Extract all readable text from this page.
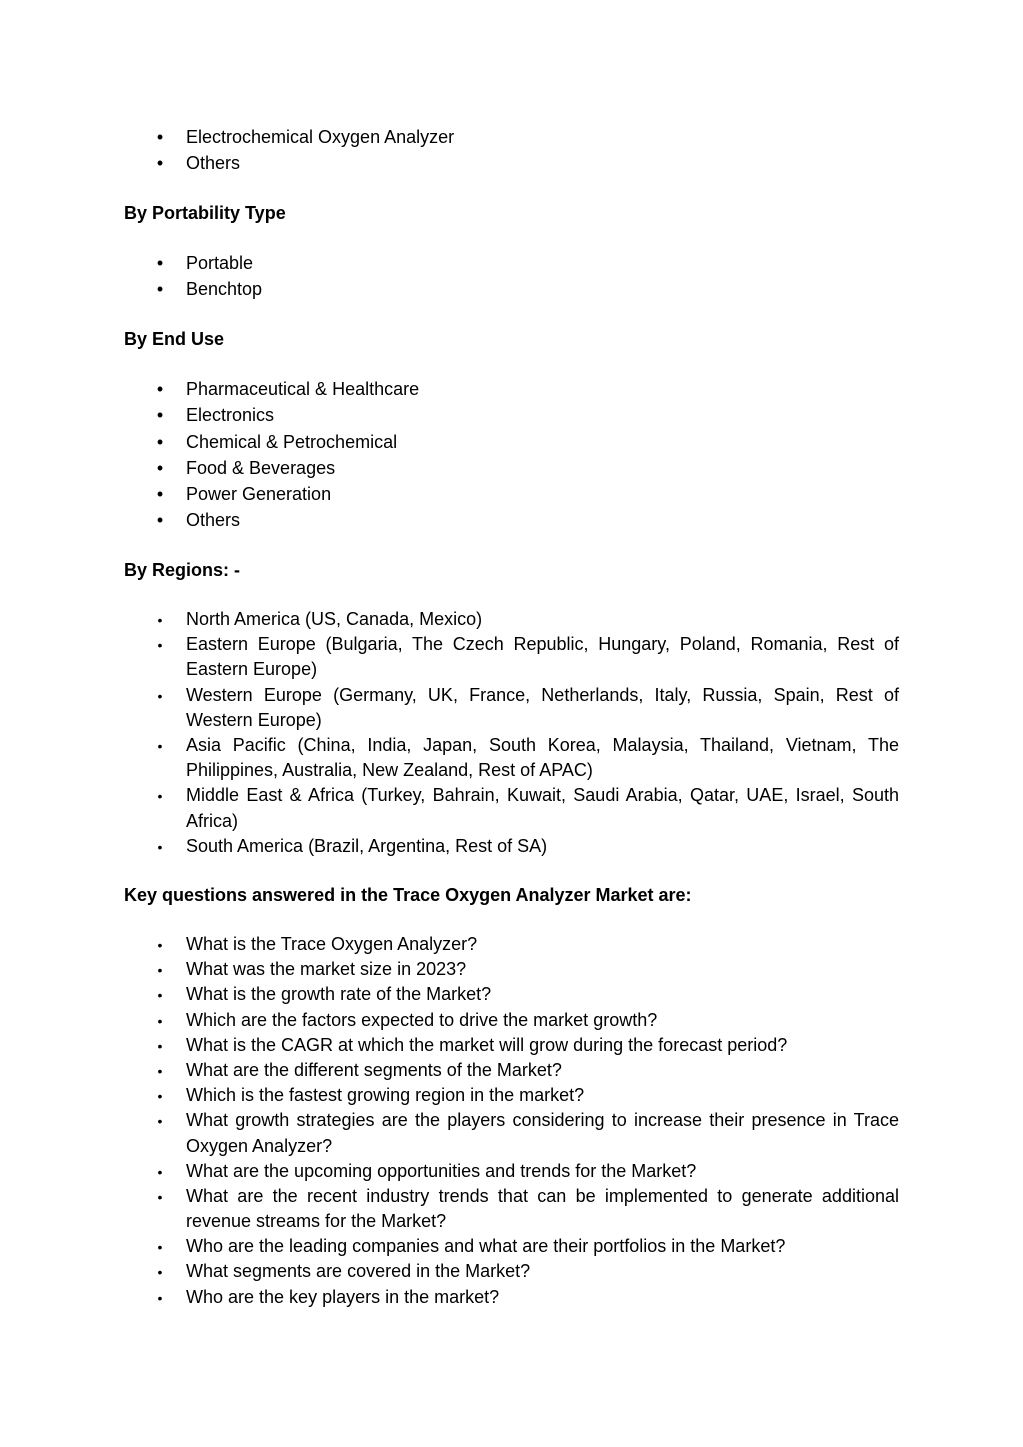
• Electrochemical Oxygen Analyzer
• Others
By Portability Type
• Portable
• Benchtop
By End Use
• Pharmaceutical & Healthcare
• Electronics
• Chemical & Petrochemical
• Food & Beverages
• Power Generation
• Others
By Regions: -
• North America (US, Canada, Mexico)
• Eastern Europe (Bulgaria, The Czech Republic, Hungary, Poland, Romania, Rest of Eastern Europe)
• Western Europe (Germany, UK, France, Netherlands, Italy, Russia, Spain, Rest of Western Europe)
• Asia Pacific (China, India, Japan, South Korea, Malaysia, Thailand, Vietnam, The Philippines, Australia, New Zealand, Rest of APAC)
• Middle East & Africa (Turkey, Bahrain, Kuwait, Saudi Arabia, Qatar, UAE, Israel, South Africa)
• South America (Brazil, Argentina, Rest of SA)
Key questions answered in the Trace Oxygen Analyzer Market are:
• What is the Trace Oxygen Analyzer?
• What was the market size in 2023?
• What is the growth rate of the Market?
• Which are the factors expected to drive the market growth?
• What is the CAGR at which the market will grow during the forecast period?
• What are the different segments of the Market?
• Which is the fastest growing region in the market?
• What growth strategies are the players considering to increase their presence in Trace Oxygen Analyzer?
• What are the upcoming opportunities and trends for the Market?
• What are the recent industry trends that can be implemented to generate additional revenue streams for the Market?
• Who are the leading companies and what are their portfolios in the Market?
• What segments are covered in the Market?
• Who are the key players in the market?
